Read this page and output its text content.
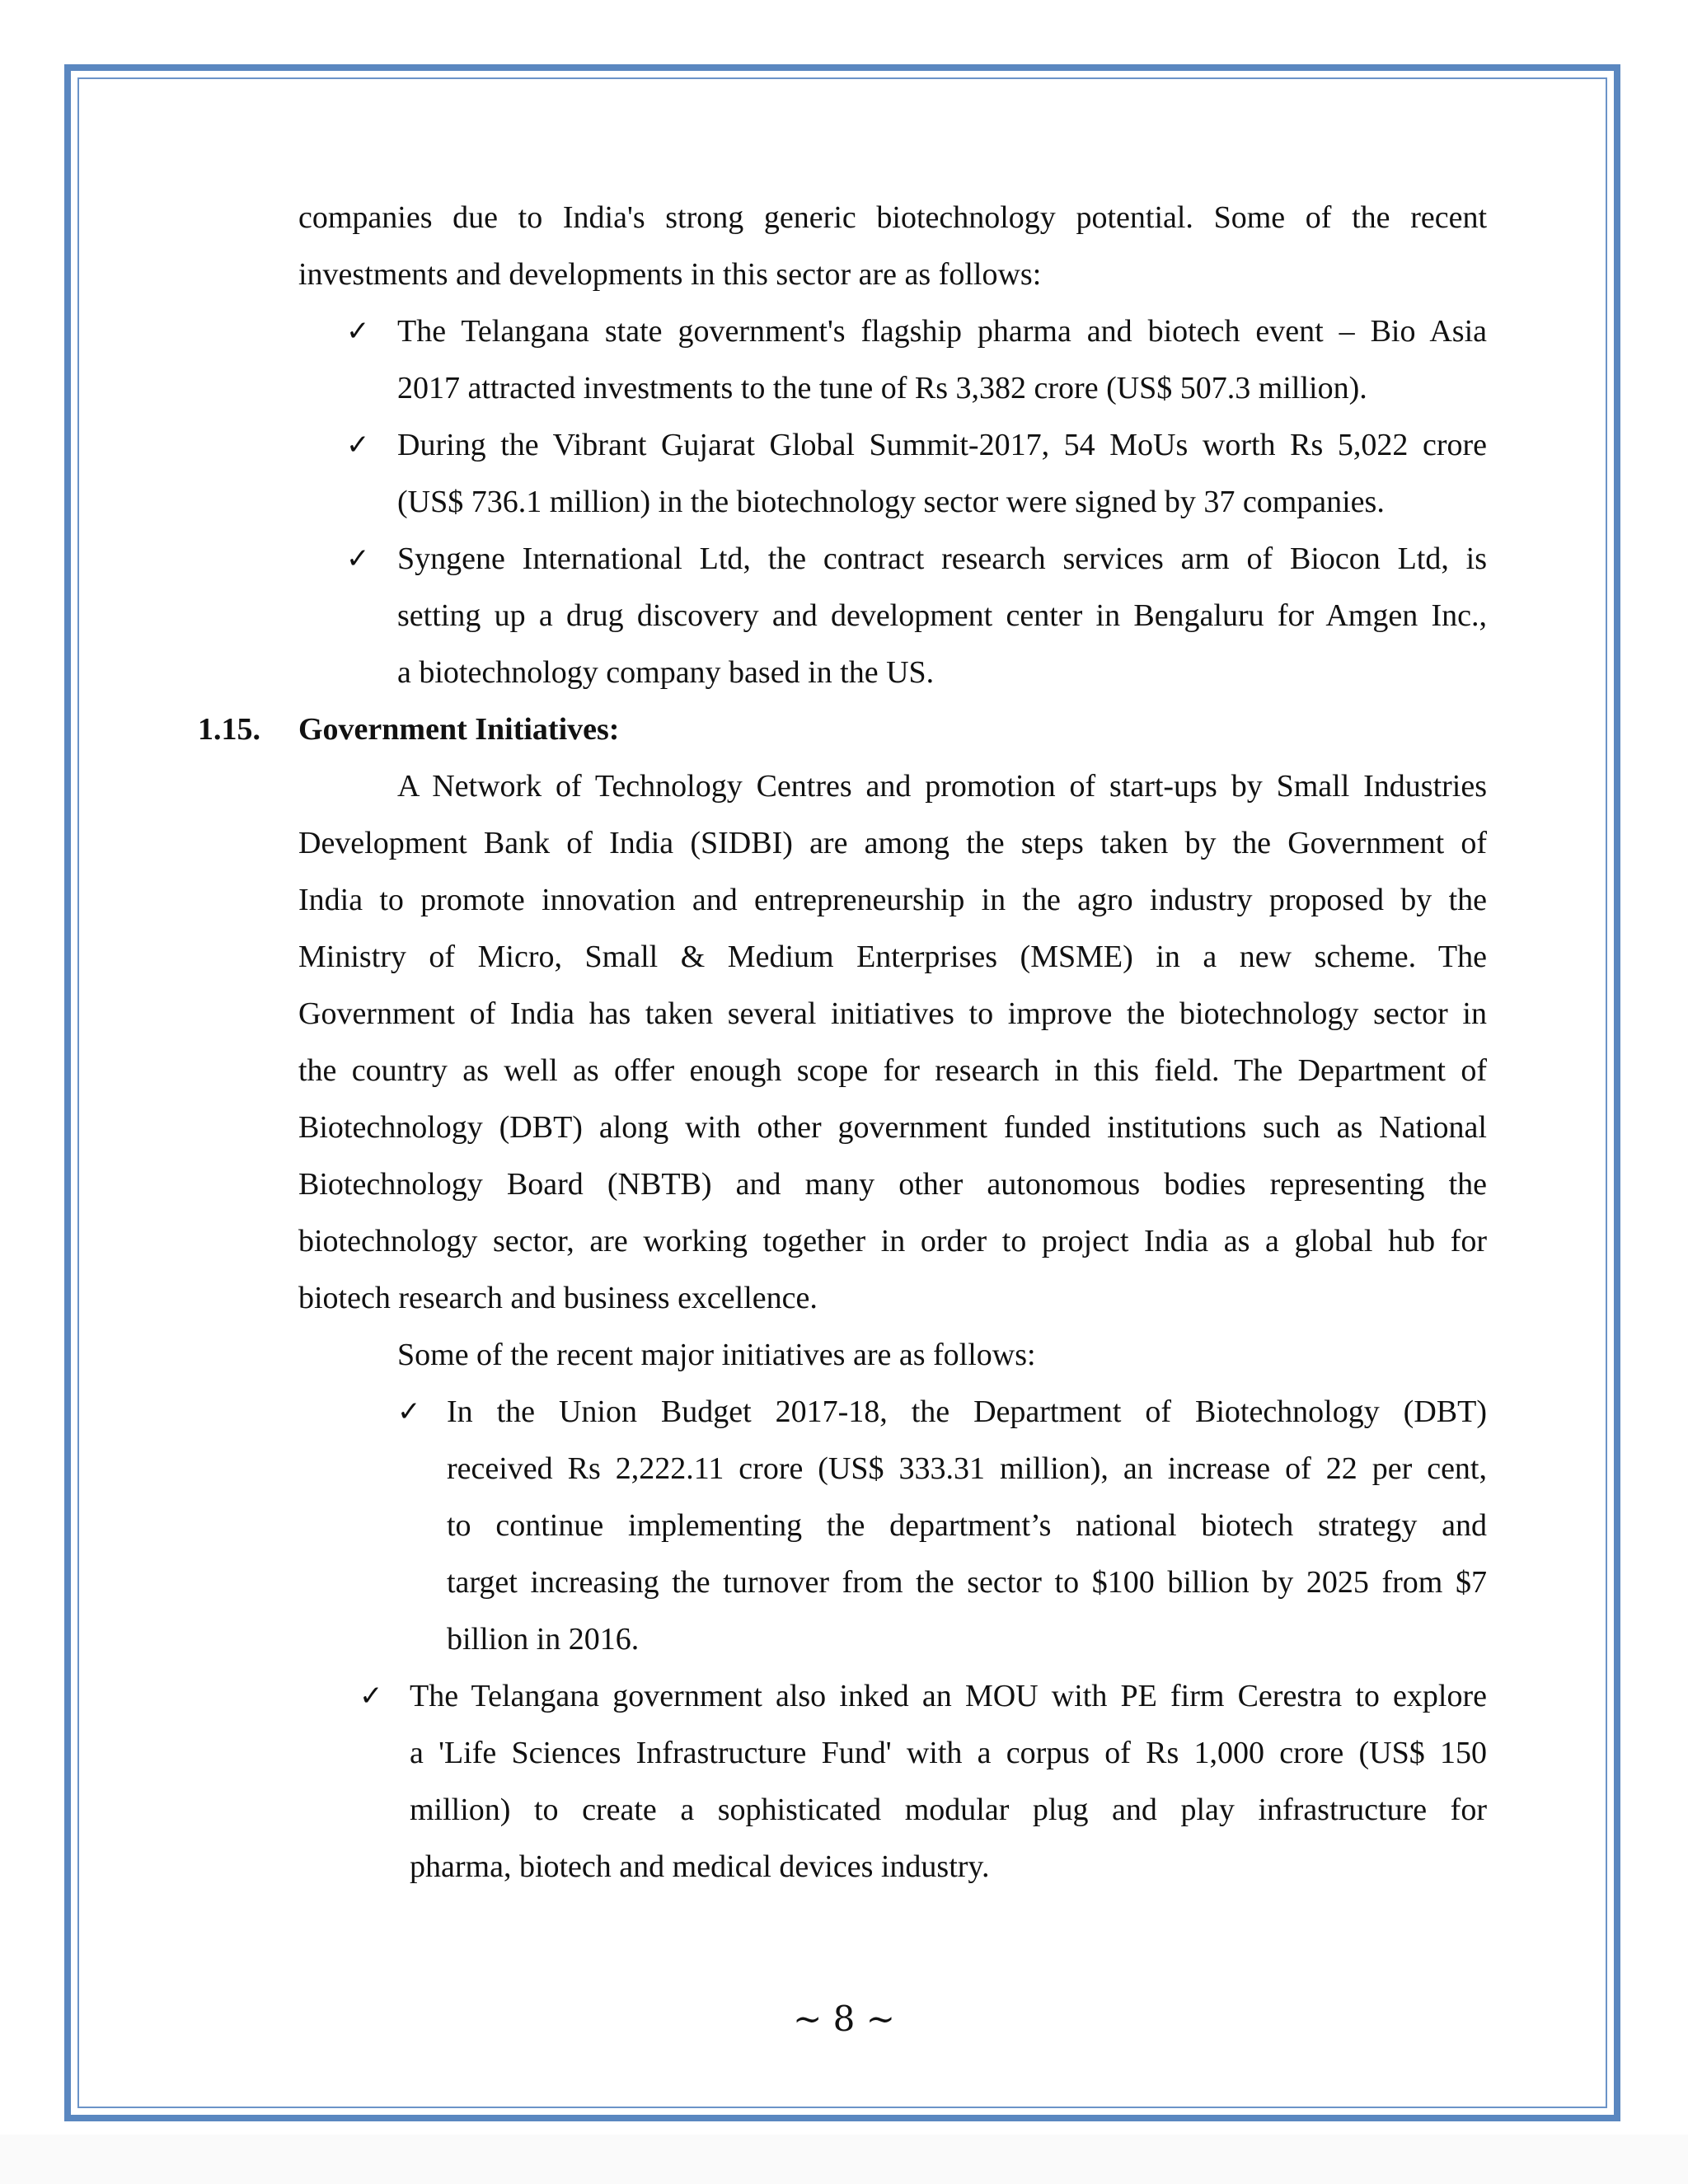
companies due to India's strong generic biotechnology potential. Some of the recent
investments and developments in this sector are as follows:
✓ The Telangana state government's flagship pharma and biotech event – Bio Asia
2017 attracted investments to the tune of Rs 3,382 crore (US$ 507.3 million).
✓ During the Vibrant Gujarat Global Summit-2017, 54 MoUs worth Rs 5,022 crore
(US$ 736.1 million) in the biotechnology sector were signed by 37 companies.
✓ Syngene International Ltd, the contract research services arm of Biocon Ltd, is
setting up a drug discovery and development center in Bengaluru for Amgen Inc.,
a biotechnology company based in the US.
1.15. Government Initiatives:
A Network of Technology Centres and promotion of start-ups by Small Industries
Development Bank of India (SIDBI) are among the steps taken by the Government of
India to promote innovation and entrepreneurship in the agro industry proposed by the
Ministry of Micro, Small & Medium Enterprises (MSME) in a new scheme. The
Government of India has taken several initiatives to improve the biotechnology sector in
the country as well as offer enough scope for research in this field. The Department of
Biotechnology (DBT) along with other government funded institutions such as National
Biotechnology Board (NBTB) and many other autonomous bodies representing the
biotechnology sector, are working together in order to project India as a global hub for
biotech research and business excellence.
Some of the recent major initiatives are as follows:
✓ In the Union Budget 2017-18, the Department of Biotechnology (DBT)
received Rs 2,222.11 crore (US$ 333.31 million), an increase of 22 per cent,
to continue implementing the department’s national biotech strategy and
target increasing the turnover from the sector to $100 billion by 2025 from $7
billion in 2016.
✓ The Telangana government also inked an MOU with PE firm Cerestra to explore
a 'Life Sciences Infrastructure Fund' with a corpus of Rs 1,000 crore (US$ 150
million) to create a sophisticated modular plug and play infrastructure for
pharma, biotech and medical devices industry.
~ 8 ~
